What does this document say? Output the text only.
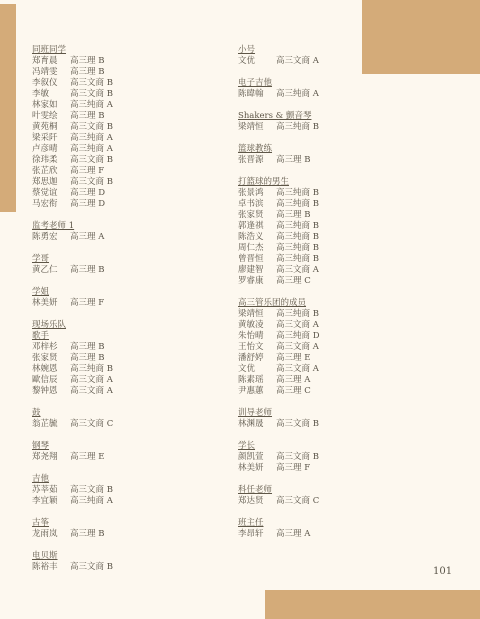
同班同学
郑育晨 高三理 B
冯靖雯 高三理 B
李叙仪 高三文商 B
李敏 高三文商 B
林家如 高三纯商 A
叶雯绘 高三理 B
黄苑桐 高三文商 B
梁采阡 高三纯商 A
卢彦晴 高三纯商 A
徐玮柔 高三文商 B
张芷欣 高三理 F
郑思迦 高三文商 B
蔡觉谊 高三理 D
马宏衔 高三理 D
监考老师 1
陈勇宏 高三理 A
学哥
黄乙仁 高三理 B
学姐
林美妍 高三理 F
现场乐队
歌手
邓梓杉 高三理 B
张家贤 高三理 B
林婉恩 高三纯商 B
歐信辰 高三文商 A
黎钟恩 高三文商 A
鼓
翁芷毓 高三文商 C
钢琴
郑尧翔 高三理 E
吉他
苏莘茹 高三文商 B
李宜颖 高三纯商 A
古筝
龙雨岚 高三理 B
电贝斯
陈裕丰 高三文商 B
小号
文优 高三文商 A
电子吉他
陈暐翰 高三纯商 A
Shakers & 颤音琴
梁靖恒 高三纯商 B
篮球教练
张晋源 高三理 B
打篮球的男生
张景鸿 高三纯商 B
卓书滨 高三纯商 B
张家贤 高三理 B
郭逢祺 高三纯商 B
陈浩义 高三纯商 B
周仁杰 高三纯商 B
曾晋恒 高三纯商 B
廖建智 高三文商 A
罗睿康 高三理 C
高三管乐团的成员
梁靖恒 高三纯商 B
黄敏凌 高三文商 A
朱怡晴 高三纯商 D
王怡文 高三文商 A
潘舒婷 高三理 E
文优 高三文商 A
陈素瑶 高三理 A
尹惠蕙 高三理 C
训导老师
林渊晟 高三文商 B
学长
颜凯萱 高三文商 B
林美妍 高三理 F
科任老师
郑达贤 高三文商 C
班主任
李昂轩 高三理 A
101
